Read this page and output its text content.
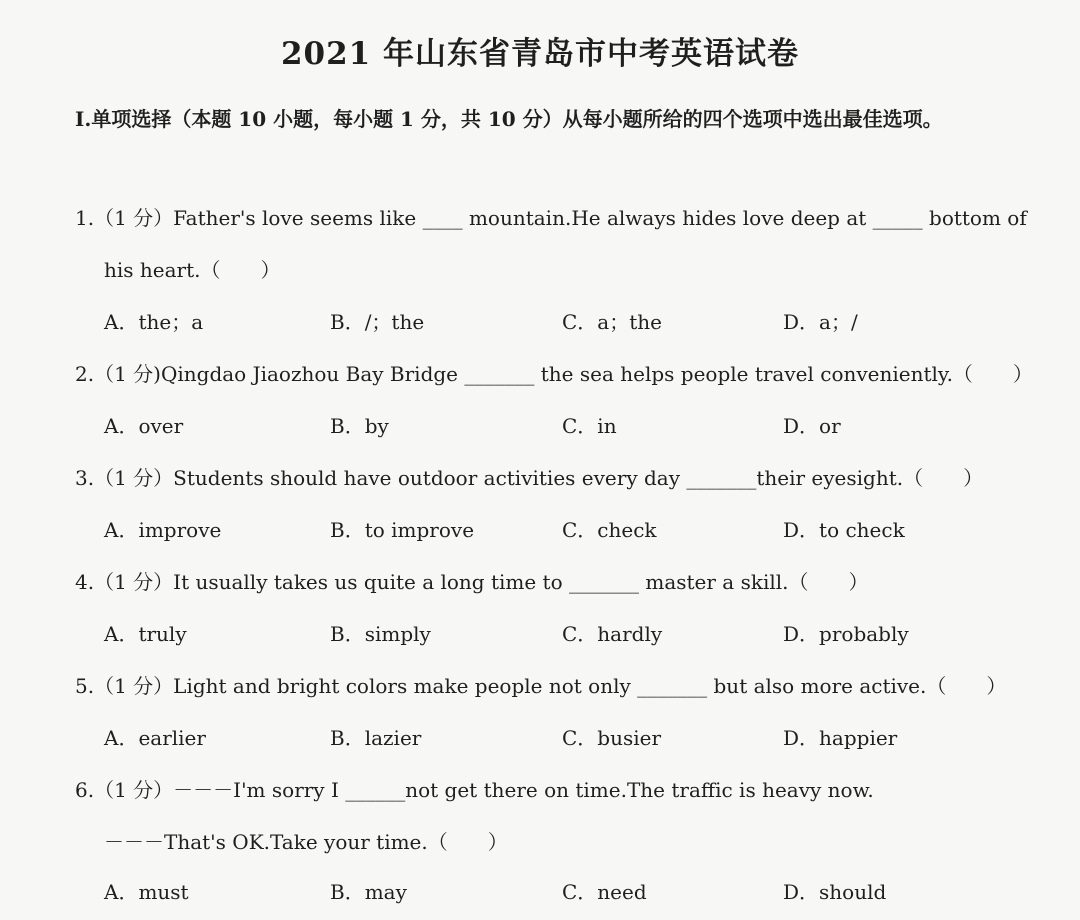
2021 年山东省青岛市中考英语试卷
I.单项选择（本题 10 小题，每小题 1 分，共 10 分）从每小题所给的四个选项中选出最佳选项。
1.（1 分）Father's love seems like ____ mountain.He always hides love deep at _____ bottom of
his heart.（　　）
A．the；a	B．/；the	C．a；the	D．a；/
2.（1 分)Qingdao Jiaozhou Bay Bridge _______ the sea helps people travel conveniently.（　　）
A．over	B．by	C．in	D．or
3.（1 分）Students should have outdoor activities every day _______their eyesight.（　　）
A．improve	B．to improve	C．check	D．to check
4.（1 分）It usually takes us quite a long time to _______ master a skill.（　　）
A．truly	B．simply	C．hardly	D．probably
5.（1 分）Light and bright colors make people not only _______ but also more active.（　　）
A．earlier	B．lazier	C．busier	D．happier
6.（1 分）－－－I'm sorry I ______not get there on time.The traffic is heavy now.
－－－That's OK.Take your time.（　　）
A．must	B．may	C．need	D．should
